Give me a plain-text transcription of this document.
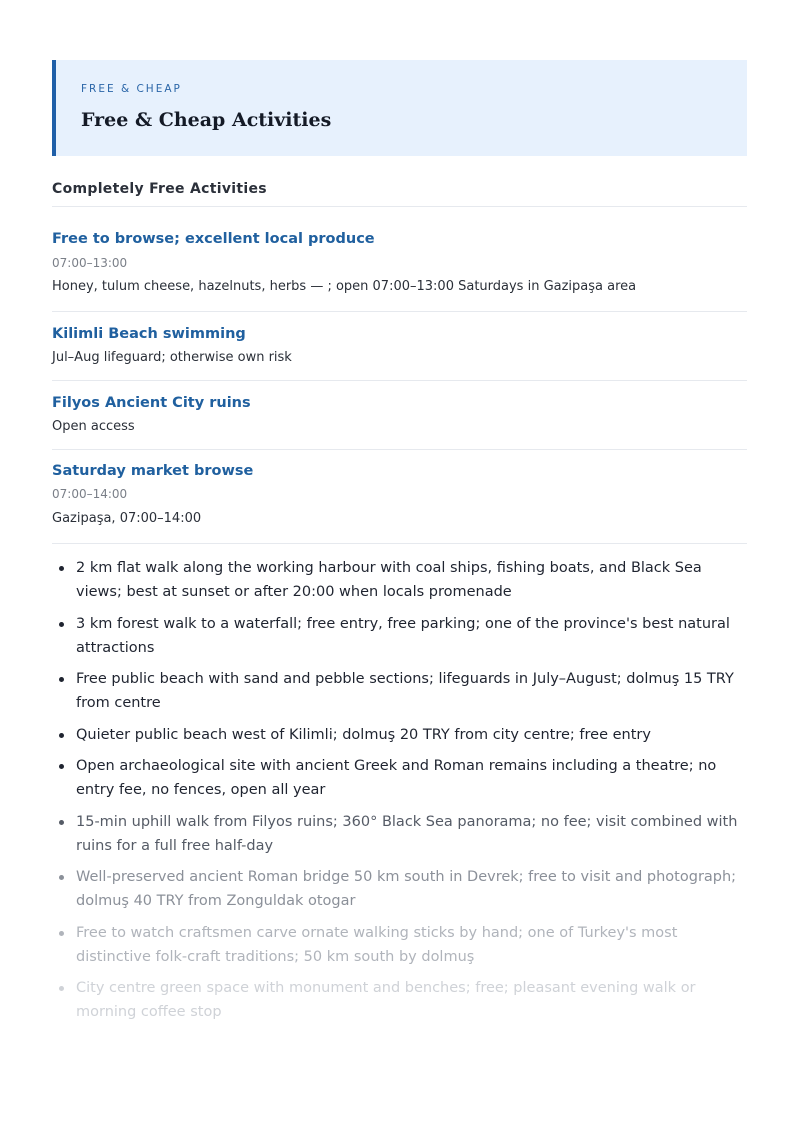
FREE & CHEAP

Free & Cheap Activities
Completely Free Activities
Free to browse; excellent local produce
07:00–13:00
Honey, tulum cheese, hazelnuts, herbs — ; open 07:00–13:00 Saturdays in Gazipaşa area
Kilimli Beach swimming
Jul–Aug lifeguard; otherwise own risk
Filyos Ancient City ruins
Open access
Saturday market browse
07:00–14:00
Gazipaşa, 07:00–14:00
2 km flat walk along the working harbour with coal ships, fishing boats, and Black Sea views; best at sunset or after 20:00 when locals promenade
3 km forest walk to a waterfall; free entry, free parking; one of the province's best natural attractions
Free public beach with sand and pebble sections; lifeguards in July–August; dolmuş 15 TRY from centre
Quieter public beach west of Kilimli; dolmuş 20 TRY from city centre; free entry
Open archaeological site with ancient Greek and Roman remains including a theatre; no entry fee, no fences, open all year
15-min uphill walk from Filyos ruins; 360° Black Sea panorama; no fee; visit combined with ruins for a full free half-day
Well-preserved ancient Roman bridge 50 km south in Devrek; free to visit and photograph; dolmuş 40 TRY from Zonguldak otogar
Free to watch craftsmen carve ornate walking sticks by hand; one of Turkey's most distinctive folk-craft traditions; 50 km south by dolmuş
City centre green space with monument and benches; free; pleasant evening walk or morning coffee stop
